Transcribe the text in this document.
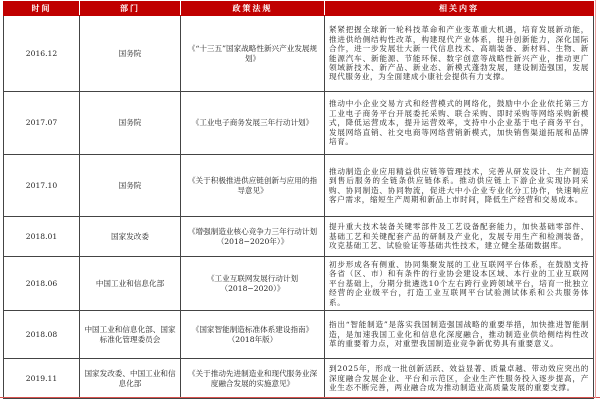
时间	部门	政策法规	相关内容
2016.12	国务院	《“十三五”国家战略性新兴产业发展规划》	紧紧把握全球新一轮科技革命和产业变革重大机遇，培育发展新动能，推进供给侧结构性改革，构建现代产业体系，提升创新能力，深化国际合作，进一步发展壮大新一代信息技术、高端装备、新材料、生物、新能源汽车、新能源、节能环保、数字创意等战略性新兴产业，推动更广领域新技术、新产品、新业态、新模式蓬勃发展，建设制造强国，发展现代服务业，为全面建成小康社会提供有力支撑。
2017.07	国务院	《工业电子商务发展三年行动计划》	推动中小企业交易方式和经营模式的网络化，鼓励中小企业依托第三方工业电子商务平台开展委托采购、联合采购、即时采购等网络采购新模式，降低运营成本，提升运营效率，支持中小企业基于电子商务平台，发展网络直销、社交电商等网络营销新模式，加快销售渠道拓展和品牌培育。
2017.10	国务院	《关于积极推进供应链创新与应用的指导意见》	推动制造企业应用精益供应链等管理技术，完善从研发设计、生产制造到售后服务的全链条供应链体系。推动供应链上下游企业实现协同采购、协同制造、协同物流，促进大中小企业专业化分工协作，快速响应客户需求，缩短生产周期和新品上市时间，降低生产经营和交易成本。
2018.01	国家发改委	《增强制造业核心竞争力三年行动计划（2018−2020年）》	提升重大技术装备关键零部件及工艺设备配套能力，加快基础零部件、基础工艺和关键配套产品的研制及产业化，发展专用生产和检测装备，攻克基础工艺、试验验证等基础共性技术，建立健全基础数据库。
2018.06	中国工业和信息化部	《工业互联网发展行动计划（2018−2020）》	初步形成各有侧重、协同集聚发展的工业互联网平台体系，在鼓励支持各省（区、市）和有条件的行业协会建设本区域、本行业的工业互联网平台基础上，分期分批遴选10个左右跨行业跨领域平台，培育一批独立经营的企业级平台，打造工业互联网平台试验测试体系和公共服务体系。
2018.08	中国工业和信息化部、国家标准化管理委员会	《国家智能制造标准体系建设指南》（2018年版）	指出“智能制造”是落实我国制造强国战略的重要举措，加快推进智能制造，是加速我国工业化和信息化深度融合，推动制造业供给侧结构性改革的重要着力点，对重塑我国制造业竞争新优势具有重要意义。
2019.11	国家发改委、中国工业和信息化部	《关于推动先进制造业和现代服务业深度融合发展的实施意见》	到2025年，形成一批创新活跃、效益显著、质量卓越、带动效应突出的深度融合发展企业、平台和示范区，企业生产性服务投入逐步提高，产业生态不断完善，两业融合成为推动制造业高质量发展的重要支撑。
